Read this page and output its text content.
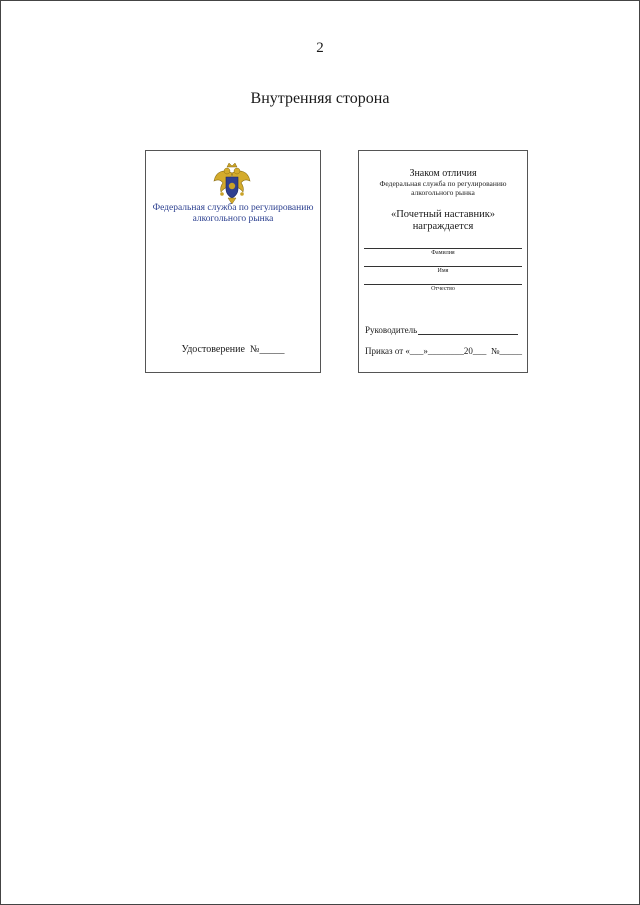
2
Внутренняя сторона
Федеральная служба по регулированию
алкогольного рынка
Удостоверение  №_____
Знаком отличия
Федеральная служба по регулированию
алкогольного рынка
«Почетный наставник»
награждается
Фамилия
Имя
Отчество
Руководитель
Приказ от «___»________20___  №_____
